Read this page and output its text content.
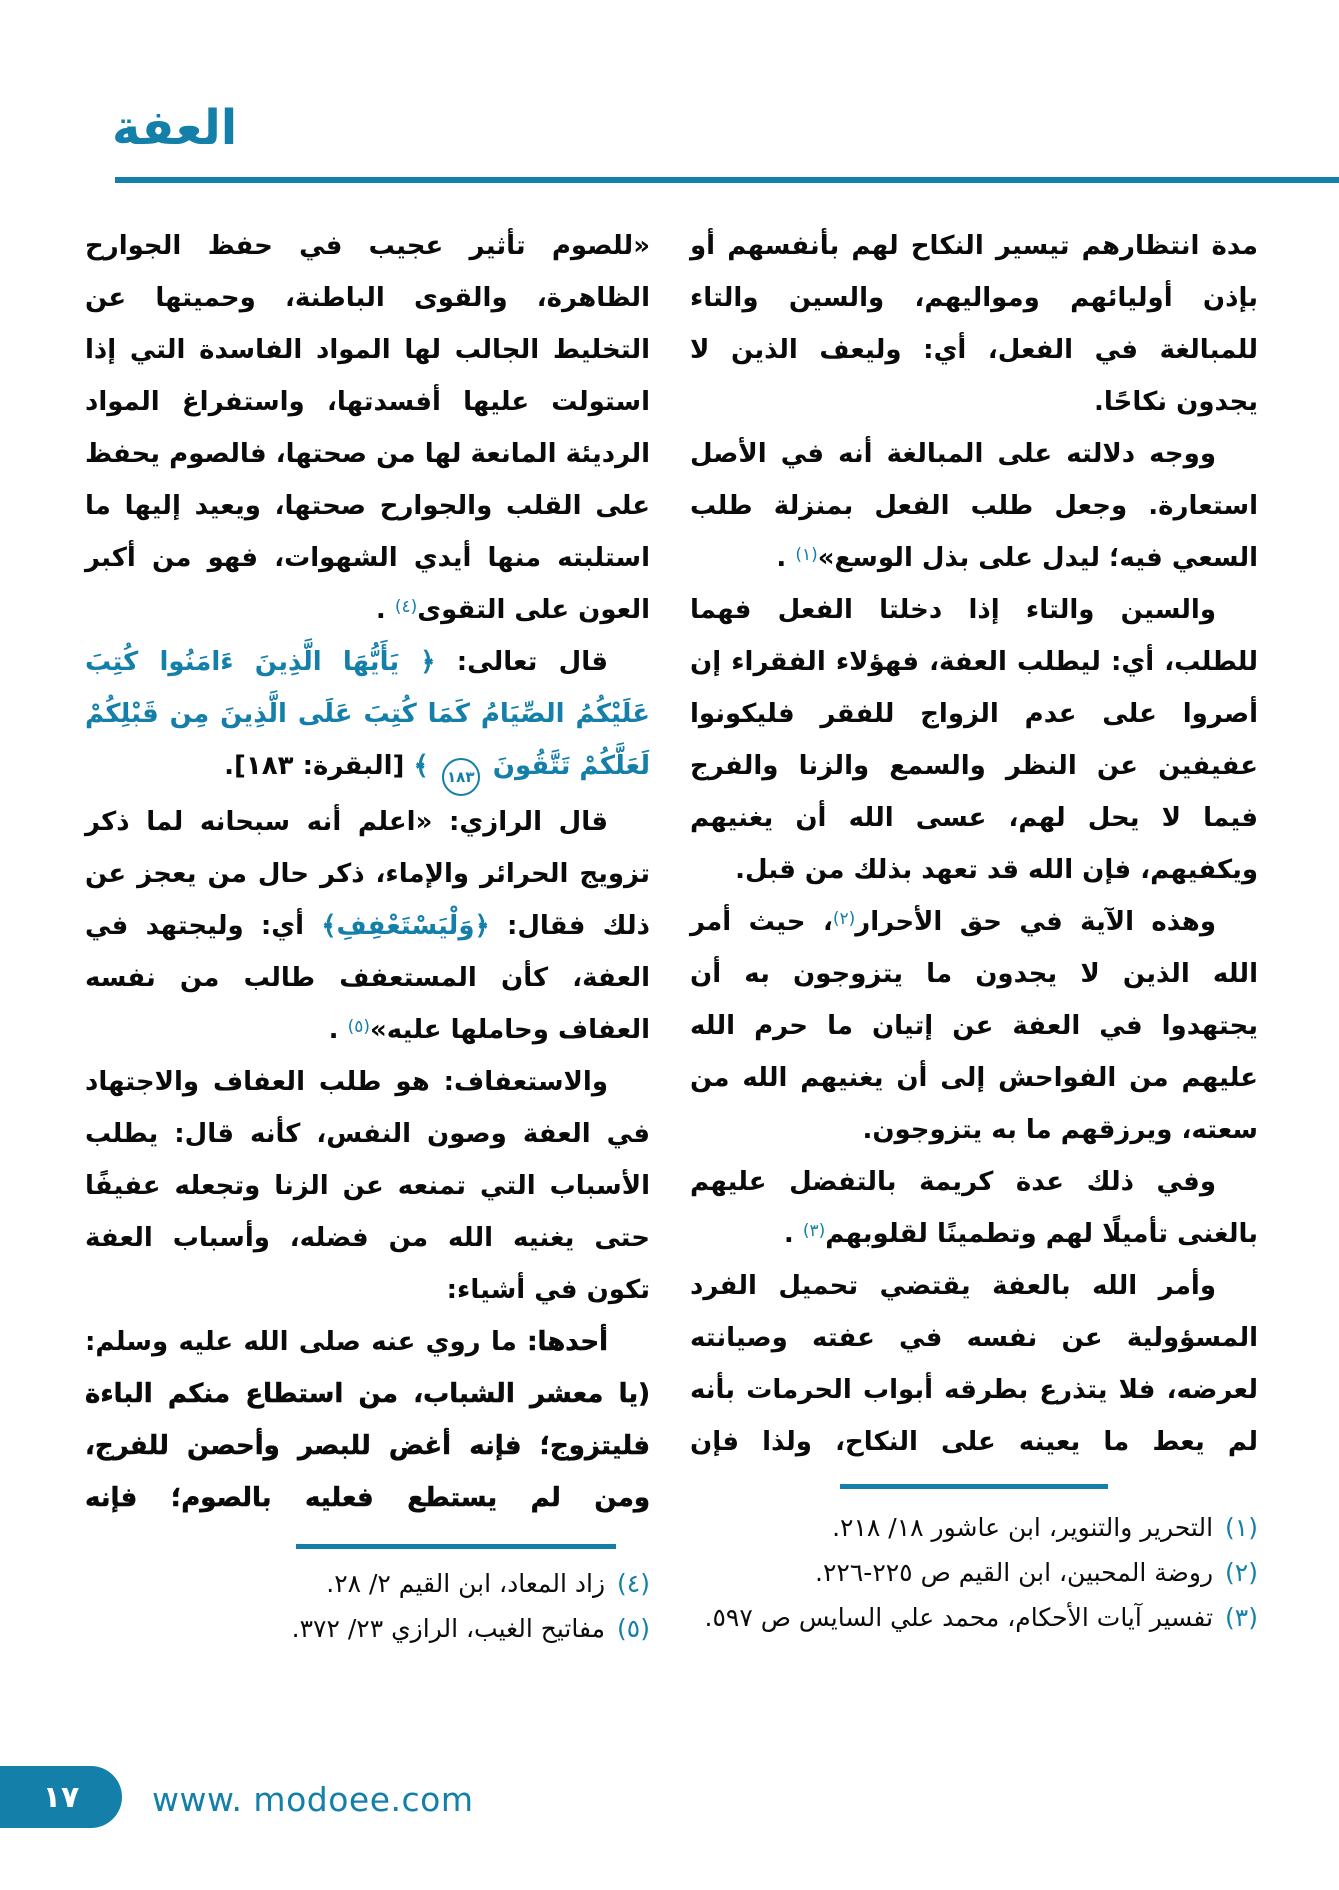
العفة

مدة انتظارهم تيسير النكاح لهم بأنفسهم أو بإذن أوليائهم ومواليهم، والسين والتاء للمبالغة في الفعل، أي: وليعف الذين لا يجدون نكاحًا.

ووجه دلالته على المبالغة أنه في الأصل استعارة. وجعل طلب الفعل بمنزلة طلب السعي فيه؛ ليدل على بذل الوسع»$^{(١)}$ .

والسين والتاء إذا دخلتا الفعل فهما للطلب، أي: ليطلب العفة، فهؤلاء الفقراء إن أصروا على عدم الزواج للفقر فليكونوا عفيفين عن النظر والسمع والزنا والفرج فيما لا يحل لهم، عسى الله أن يغنيهم ويكفيهم، فإن الله قد تعهد بذلك من قبل.

وهذه الآية في حق الأحرار$^{(٢)}$، حيث أمر الله الذين لا يجدون ما يتزوجون به أن يجتهدوا في العفة عن إتيان ما حرم الله عليهم من الفواحش إلى أن يغنيهم الله من سعته، ويرزقهم ما به يتزوجون.

وفي ذلك عدة كريمة بالتفضل عليهم بالغنى تأميلًا لهم وتطمينًا لقلوبهم$^{(٣)}$ .

وأمر الله بالعفة يقتضي تحميل الفرد المسؤولية عن نفسه في عفته وصيانته لعرضه، فلا يتذرع بطرقه أبواب الحرمات بأنه لم يعط ما يعينه على النكاح، ولذا فإن

(١)
التحرير والتنوير، ابن عاشور ١٨/ ٢١٨.
(٢)
روضة المحبين، ابن القيم ص ٢٢٥-٢٢٦.
(٣)
تفسير آيات الأحكام، محمد علي السايس ص ٥٩٧.

«للصوم تأثير عجيب في حفظ الجوارح الظاهرة، والقوى الباطنة، وحميتها عن التخليط الجالب لها المواد الفاسدة التي إذا استولت عليها أفسدتها، واستفراغ المواد الرديئة المانعة لها من صحتها، فالصوم يحفظ على القلب والجوارح صحتها، ويعيد إليها ما استلبته منها أيدي الشهوات، فهو من أكبر العون على التقوى$^{(٤)}$ .

قال تعالى: ﴿ يَأَيُّهَا الَّذِينَ ءَامَنُوا كُتِبَ عَلَيْكُمُ الصِّيَامُ كَمَا كُتِبَ عَلَى الَّذِينَ مِن قَبْلِكُمْ لَعَلَّكُمْ تَتَّقُونَ ١٨٣ ﴾ [البقرة: ١٨٣].

قال الرازي: «اعلم أنه سبحانه لما ذكر تزويج الحرائر والإماء، ذكر حال من يعجز عن ذلك فقال: ﴿وَلْيَسْتَعْفِفِ﴾ أي: وليجتهد في العفة، كأن المستعفف طالب من نفسه العفاف وحاملها عليه»$^{(٥)}$ .

والاستعفاف: هو طلب العفاف والاجتهاد في العفة وصون النفس، كأنه قال: يطلب الأسباب التي تمنعه عن الزنا وتجعله عفيفًا حتى يغنيه الله من فضله، وأسباب العفة تكون في أشياء:

أحدها: ما روي عنه صلى الله عليه وسلم: (يا معشر الشباب، من استطاع منكم الباءة فليتزوج؛ فإنه أغض للبصر وأحصن للفرج، ومن لم يستطع فعليه بالصوم؛ فإنه

(٤)
زاد المعاد، ابن القيم ٢/ ٢٨.
(٥)
مفاتيح الغيب، الرازي ٢٣/ ٣٧٢.
١٧ www. modoee.com
